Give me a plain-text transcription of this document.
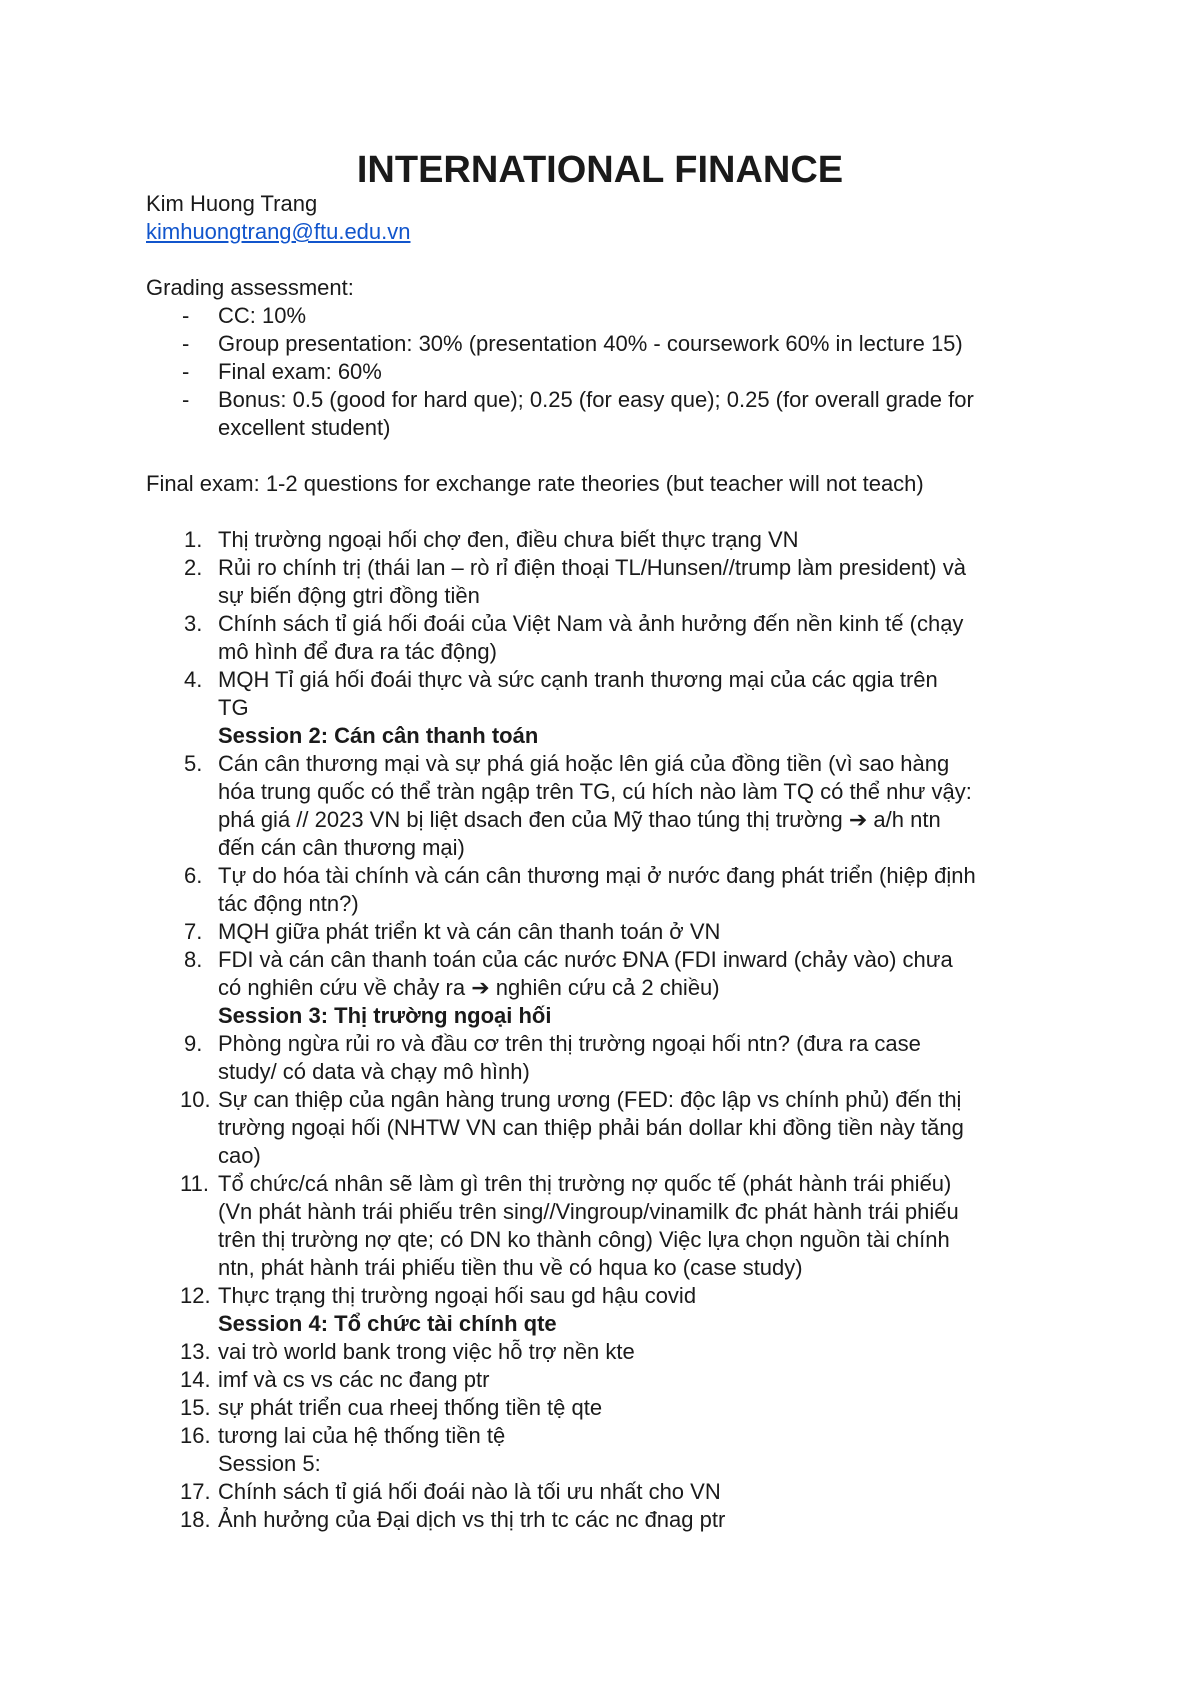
INTERNATIONAL FINANCE
Kim Huong Trang
kimhuongtrang@ftu.edu.vn
Grading assessment:
- CC: 10%
- Group presentation: 30% (presentation 40% - coursework 60% in lecture 15)
- Final exam: 60%
- Bonus: 0.5 (good for hard que); 0.25 (for easy que); 0.25 (for overall grade for
excellent student)
Final exam: 1-2 questions for exchange rate theories (but teacher will not teach)
1. Thị trường ngoại hối chợ đen, điều chưa biết thực trạng VN
2. Rủi ro chính trị (thái lan – rò rỉ điện thoại TL/Hunsen//trump làm president) và
sự biến động gtri đồng tiền
3. Chính sách tỉ giá hối đoái của Việt Nam và ảnh hưởng đến nền kinh tế (chạy
mô hình để đưa ra tác động)
4. MQH Tỉ giá hối đoái thực và sức cạnh tranh thương mại của các qgia trên
TG
Session 2: Cán cân thanh toán
5. Cán cân thương mại và sự phá giá hoặc lên giá của đồng tiền (vì sao hàng
hóa trung quốc có thể tràn ngập trên TG, cú hích nào làm TQ có thể như vậy:
phá giá // 2023 VN bị liệt dsach đen của Mỹ thao túng thị trường ➔ a/h ntn
đến cán cân thương mại)
6. Tự do hóa tài chính và cán cân thương mại ở nước đang phát triển (hiệp định
tác động ntn?)
7. MQH giữa phát triển kt và cán cân thanh toán ở VN
8. FDI và cán cân thanh toán của các nước ĐNA (FDI inward (chảy vào) chưa
có nghiên cứu về chảy ra ➔ nghiên cứu cả 2 chiều)
Session 3: Thị trường ngoại hối
9. Phòng ngừa rủi ro và đầu cơ trên thị trường ngoại hối ntn? (đưa ra case
study/ có data và chạy mô hình)
10. Sự can thiệp của ngân hàng trung ương (FED: độc lập vs chính phủ) đến thị
trường ngoại hối (NHTW VN can thiệp phải bán dollar khi đồng tiền này tăng
cao)
11. Tổ chức/cá nhân sẽ làm gì trên thị trường nợ quốc tế (phát hành trái phiếu)
(Vn phát hành trái phiếu trên sing//Vingroup/vinamilk đc phát hành trái phiếu
trên thị trường nợ qte; có DN ko thành công) Việc lựa chọn nguồn tài chính
ntn, phát hành trái phiếu tiền thu về có hqua ko (case study)
12. Thực trạng thị trường ngoại hối sau gd hậu covid
Session 4: Tổ chức tài chính qte
13. vai trò world bank trong việc hỗ trợ nền kte
14. imf và cs vs các nc đang ptr
15. sự phát triển cua rheej thống tiền tệ qte
16. tương lai của hệ thống tiền tệ
Session 5:
17. Chính sách tỉ giá hối đoái nào là tối ưu nhất cho VN
18. Ảnh hưởng của Đại dịch vs thị trh tc các nc đnag ptr
